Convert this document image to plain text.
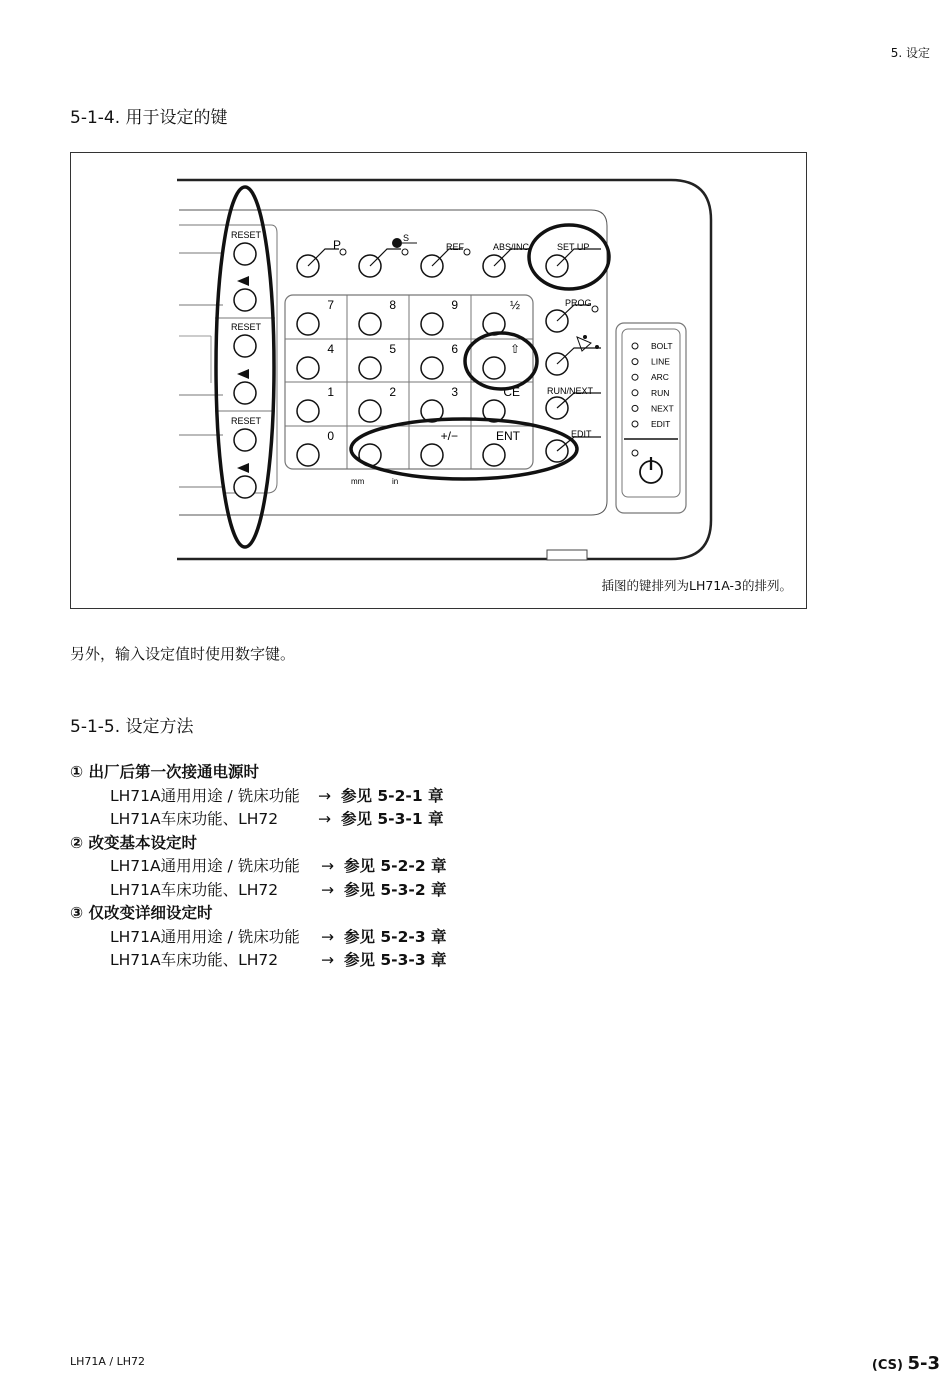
5. 设定
5-1-4. 用于设定的键
RESET
RESET
RESET
P	S
REF	ABS/INC	SET UP
7	8	9	½
4	5	6	⇧
1	2	3	CE
0	+/−	ENT
mm	in
PROG
RUN/NEXT
EDIT
BOLT
LINE
ARC
RUN
NEXT
EDIT
插图的键排列为LH71A-3的排列。
另外，输入设定值时使用数字键。
5-1-5. 设定方法
① 出厂后第一次接通电源时
LH71A通用用途 / 铣床功能 → 参见 5-2-1 章
LH71A车床功能、LH72	→ 参见 5-3-1 章
② 改变基本设定时
LH71A通用用途 / 铣床功能 → 参见 5-2-2 章
LH71A车床功能、LH72	→ 参见 5-3-2 章
③ 仅改变详细设定时
LH71A通用用途 / 铣床功能 → 参见 5-2-3 章
LH71A车床功能、LH72	→ 参见 5-3-3 章
LH71A / LH72	(CS) 5-3
